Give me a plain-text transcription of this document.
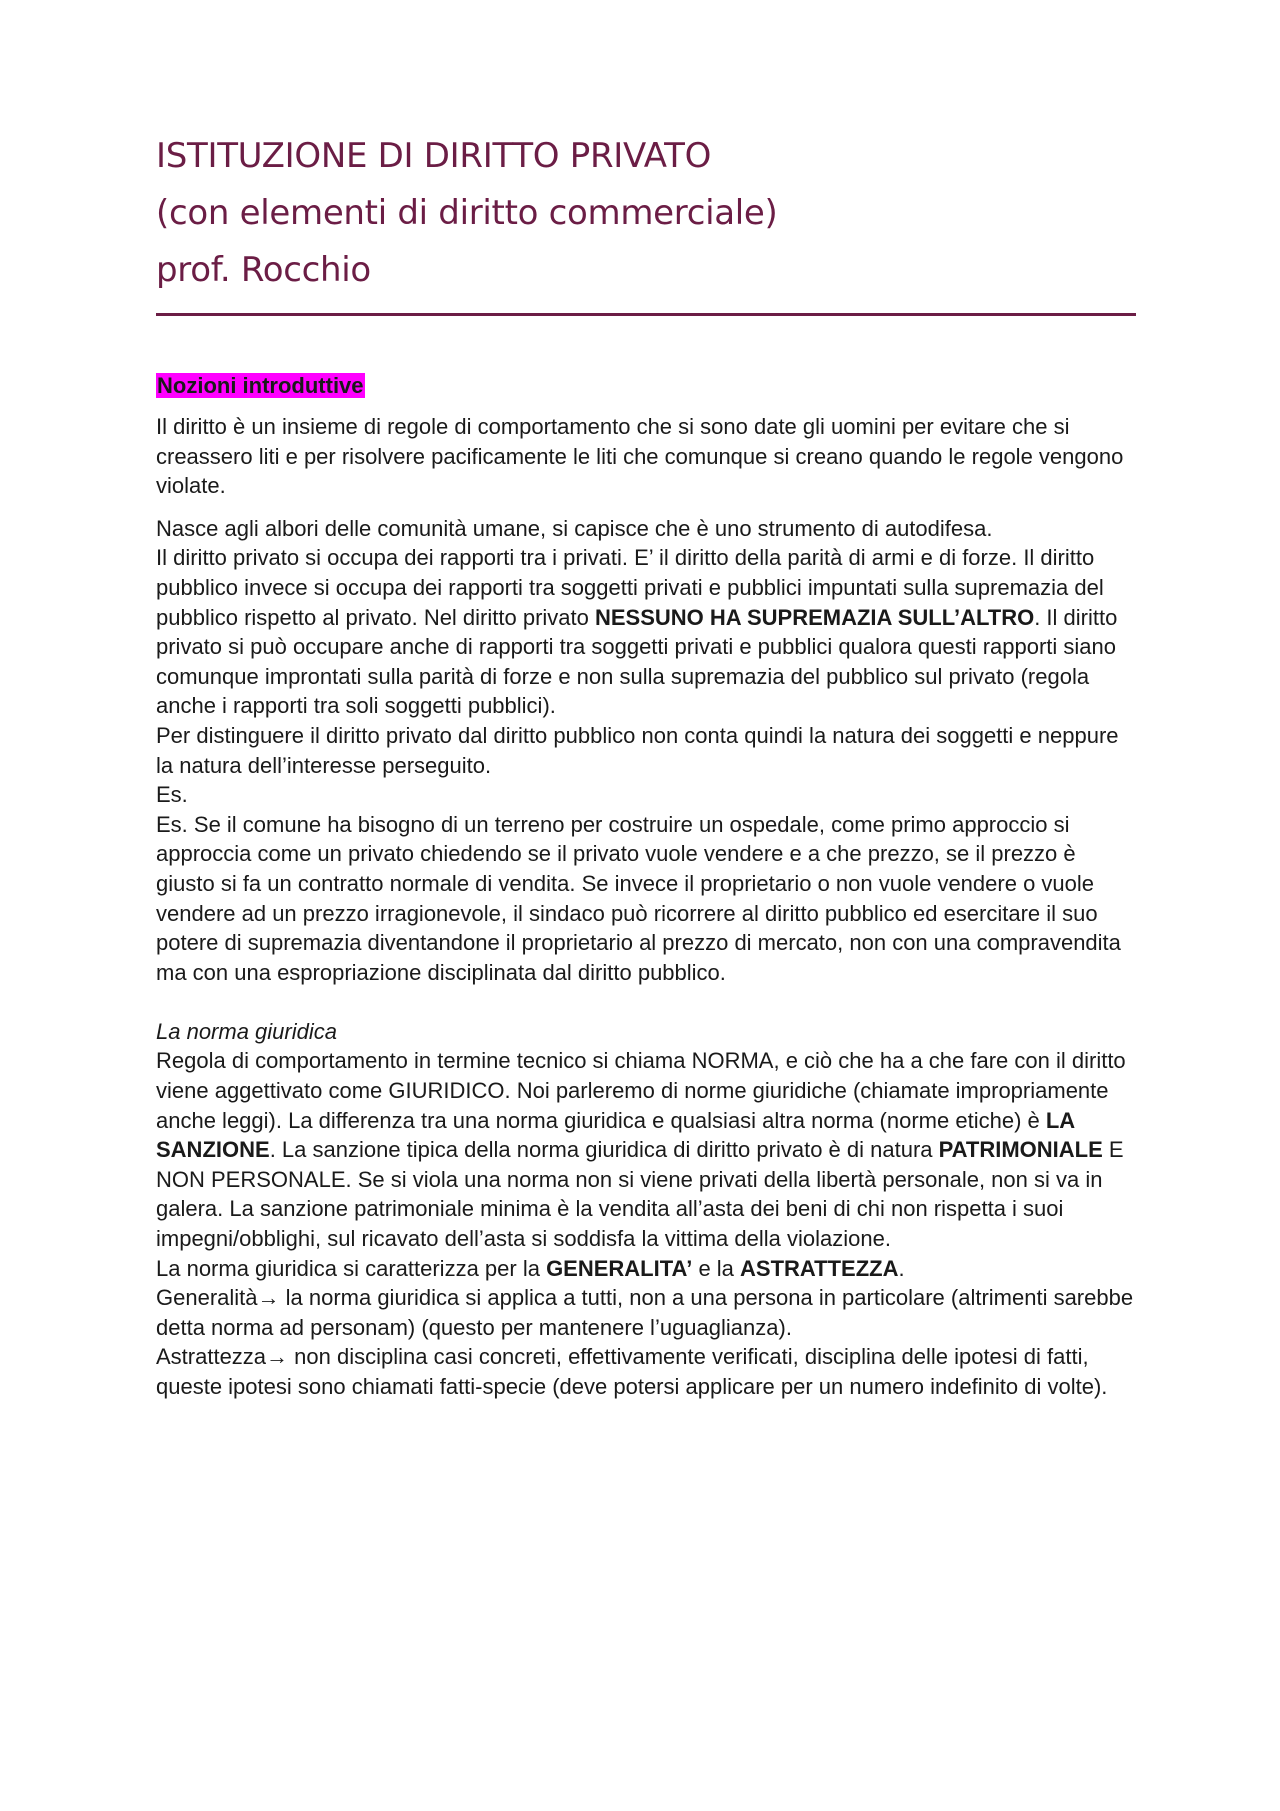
ISTITUZIONE DI DIRITTO PRIVATO
(con elementi di diritto commerciale)
prof. Rocchio
Nozioni introduttive

Il diritto è un insieme di regole di comportamento che si sono date gli uomini per evitare che si creassero liti e per risolvere pacificamente le liti che comunque si creano quando le regole vengono violate.

Nasce agli albori delle comunità umane, si capisce che è uno strumento di autodifesa.
Il diritto privato si occupa dei rapporti tra i privati. E’ il diritto della parità di armi e di forze. Il diritto pubblico invece si occupa dei rapporti tra soggetti privati e pubblici impuntati sulla supremazia del pubblico rispetto al privato. Nel diritto privato NESSUNO HA SUPREMAZIA SULL’ALTRO. Il diritto privato si può occupare anche di rapporti tra soggetti privati e pubblici qualora questi rapporti siano comunque improntati sulla parità di forze e non sulla supremazia del pubblico sul privato (regola anche i rapporti tra soli soggetti pubblici).
Per distinguere il diritto privato dal diritto pubblico non conta quindi la natura dei soggetti e neppure la natura dell’interesse perseguito.
Es.
Es. Se il comune ha bisogno di un terreno per costruire un ospedale, come primo approccio si approccia come un privato chiedendo se il privato vuole vendere e a che prezzo, se il prezzo è giusto si fa un contratto normale di vendita. Se invece il proprietario o non vuole vendere o vuole vendere ad un prezzo irragionevole, il sindaco può ricorrere al diritto pubblico ed esercitare il suo potere di supremazia diventandone il proprietario al prezzo di mercato, non con una compravendita ma con una espropriazione disciplinata dal diritto pubblico.

La norma giuridica
Regola di comportamento in termine tecnico si chiama NORMA, e ciò che ha a che fare con il diritto viene aggettivato come GIURIDICO. Noi parleremo di norme giuridiche (chiamate impropriamente anche leggi). La differenza tra una norma giuridica e qualsiasi altra norma (norme etiche) è LA SANZIONE. La sanzione tipica della norma giuridica di diritto privato è di natura PATRIMONIALE E NON PERSONALE. Se si viola una norma non si viene privati della libertà personale, non si va in galera. La sanzione patrimoniale minima è la vendita all’asta dei beni di chi non rispetta i suoi impegni/obblighi, sul ricavato dell’asta si soddisfa la vittima della violazione.
La norma giuridica si caratterizza per la GENERALITA’ e la ASTRATTEZZA.
Generalità→ la norma giuridica si applica a tutti, non a una persona in particolare (altrimenti sarebbe detta norma ad personam) (questo per mantenere l’uguaglianza).
Astrattezza→ non disciplina casi concreti, effettivamente verificati, disciplina delle ipotesi di fatti, queste ipotesi sono chiamati fatti-specie (deve potersi applicare per un numero indefinito di volte).
